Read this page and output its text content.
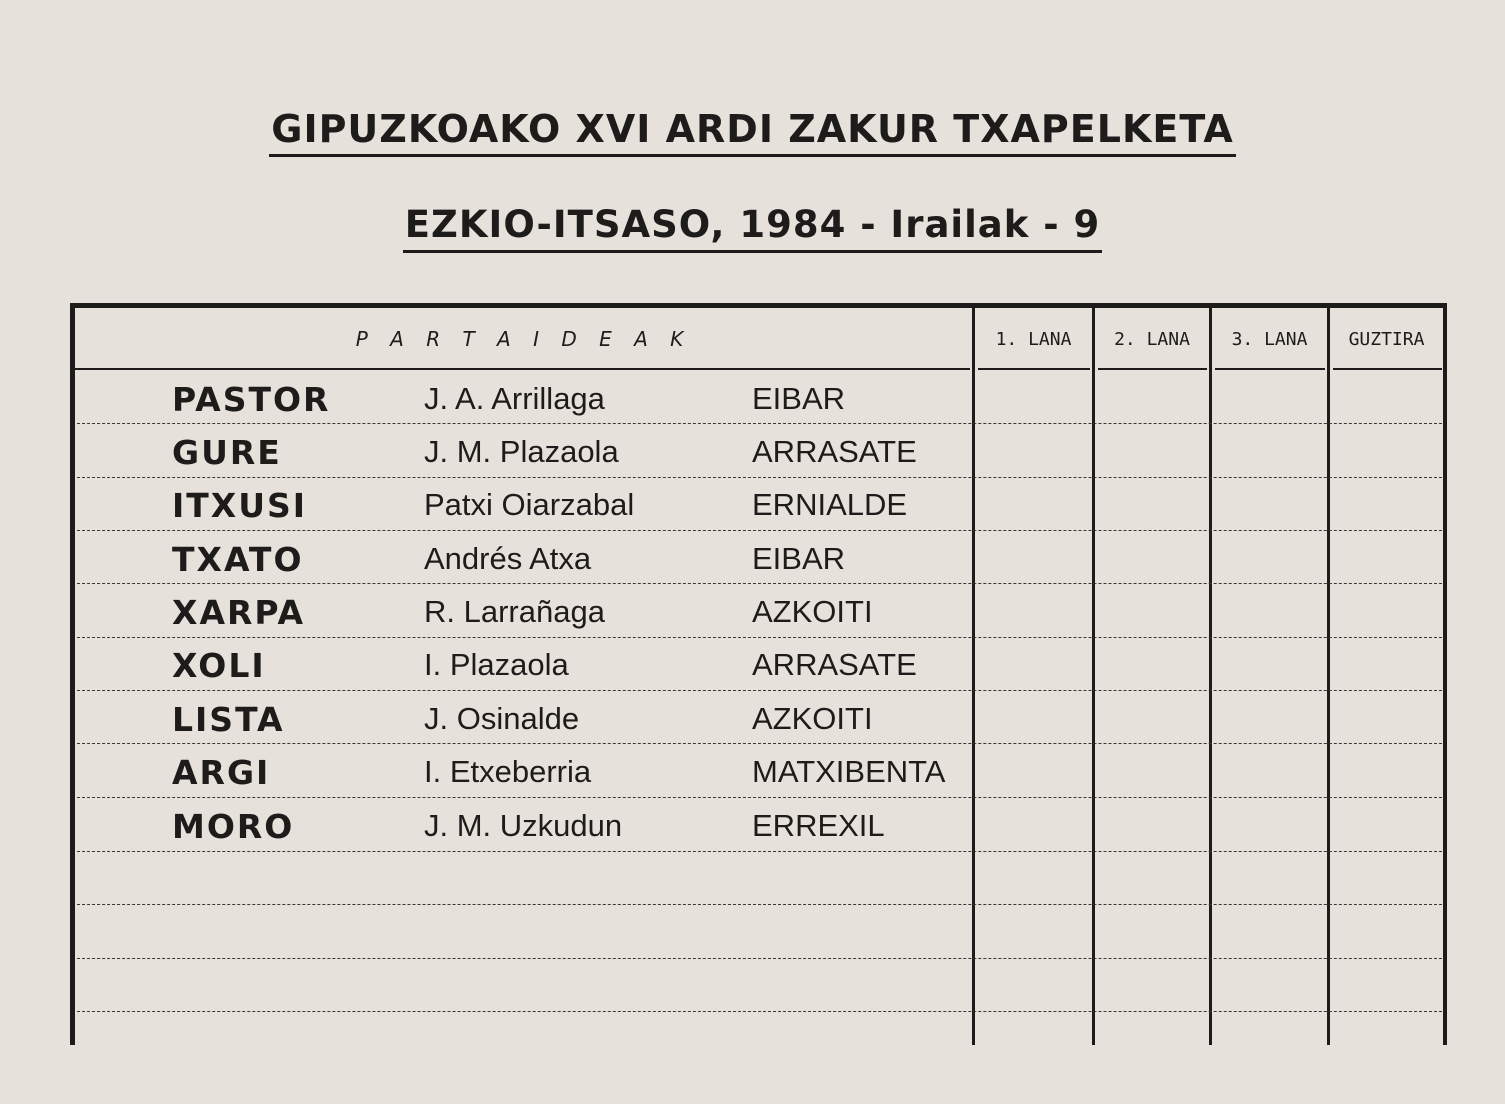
GIPUZKOAKO XVI ARDI ZAKUR TXAPELKETA
EZKIO-ITSASO, 1984 - Irailak - 9
P A R T A I D E A K	1. LANA	2. LANA	3. LANA	GUZTIRA
PASTOR	J. A. Arrillaga	EIBAR
GURE	J. M. Plazaola	ARRASATE
ITXUSI	Patxi Oiarzabal	ERNIALDE
TXATO	Andrés Atxa	EIBAR
XARPA	R. Larrañaga	AZKOITI
XOLI	I. Plazaola	ARRASATE
LISTA	J. Osinalde	AZKOITI
ARGI	I. Etxeberria	MATXIBENTA
MORO	J. M. Uzkudun	ERREXIL
